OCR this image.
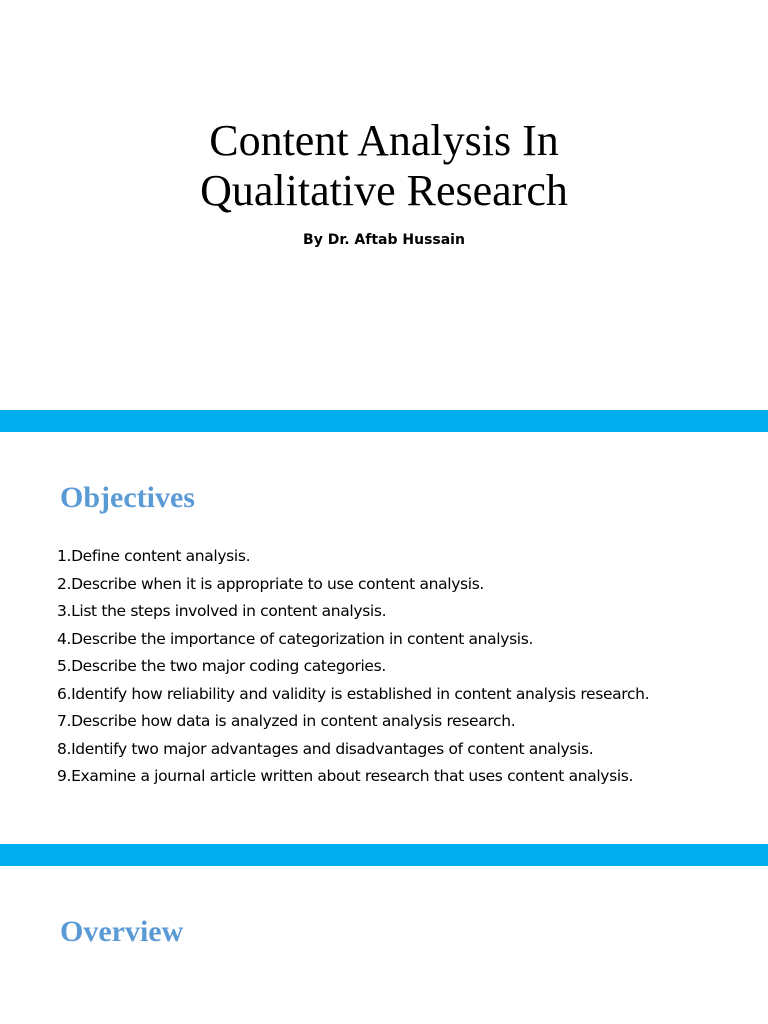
Content Analysis In
Qualitative Research

By Dr. Aftab Hussain

Objectives
1.Define content analysis.
2.Describe when it is appropriate to use content analysis.
3.List the steps involved in content analysis.
4.Describe the importance of categorization in content analysis.
5.Describe the two major coding categories.
6.Identify how reliability and validity is established in content analysis research.
7.Describe how data is analyzed in content analysis research.
8.Identify two major advantages and disadvantages of content analysis.
9.Examine a journal article written about research that uses content analysis.
Overview
